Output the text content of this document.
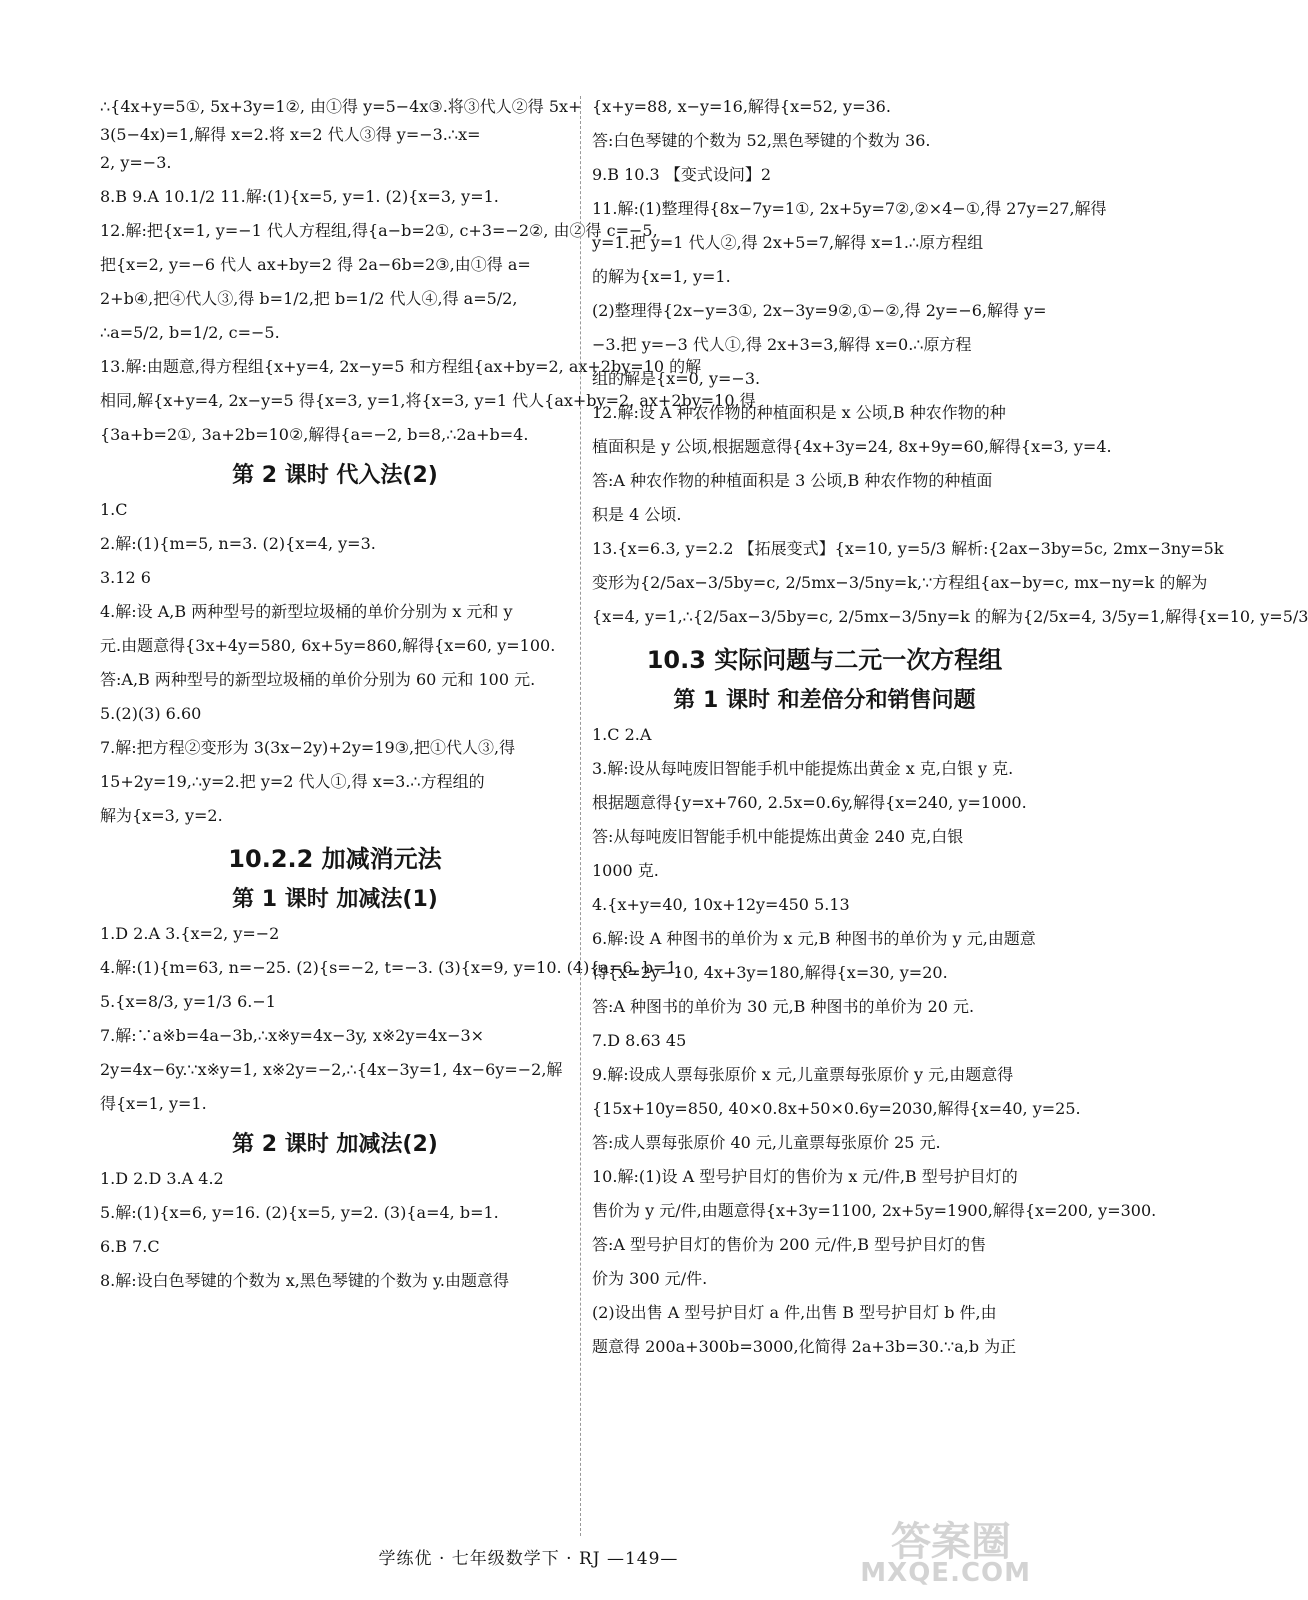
∴{4x+y=5①, 5x+3y=1②, 由①得 y=5−4x③.将③代人②得 5x+
3(5−4x)=1,解得 x=2.将 x=2 代人③得 y=−3.∴x=
2, y=−3.
8.B 9.A 10.1/2 11.解:(1){x=5, y=1. (2){x=3, y=1.
12.解:把{x=1, y=−1 代人方程组,得{a−b=2①, c+3=−2②, 由②得 c=−5,
把{x=2, y=−6 代人 ax+by=2 得 2a−6b=2③,由①得 a=
2+b④,把④代人③,得 b=1/2,把 b=1/2 代人④,得 a=5/2,
∴a=5/2, b=1/2, c=−5.
13.解:由题意,得方程组{x+y=4, 2x−y=5 和方程组{ax+by=2, ax+2by=10 的解
相同,解{x+y=4, 2x−y=5 得{x=3, y=1,将{x=3, y=1 代人{ax+by=2, ax+2by=10,得
{3a+b=2①, 3a+2b=10②,解得{a=−2, b=8,∴2a+b=4.
第 2 课时 代入法(2)
1.C
2.解:(1){m=5, n=3. (2){x=4, y=3.
3.12 6
4.解:设 A,B 两种型号的新型垃圾桶的单价分别为 x 元和 y
元.由题意得{3x+4y=580, 6x+5y=860,解得{x=60, y=100.
答:A,B 两种型号的新型垃圾桶的单价分别为 60 元和 100 元.
5.(2)(3) 6.60
7.解:把方程②变形为 3(3x−2y)+2y=19③,把①代人③,得
15+2y=19,∴y=2.把 y=2 代人①,得 x=3.∴方程组的
解为{x=3, y=2.
10.2.2 加减消元法
第 1 课时 加减法(1)
1.D 2.A 3.{x=2, y=−2
4.解:(1){m=63, n=−25. (2){s=−2, t=−3. (3){x=9, y=10. (4){a=6, b=1.
5.{x=8/3, y=1/3 6.−1
7.解:∵a※b=4a−3b,∴x※y=4x−3y, x※2y=4x−3×
2y=4x−6y.∵x※y=1, x※2y=−2,∴{4x−3y=1, 4x−6y=−2,解
得{x=1, y=1.
第 2 课时 加减法(2)
1.D 2.D 3.A 4.2
5.解:(1){x=6, y=16. (2){x=5, y=2. (3){a=4, b=1.
6.B 7.C
8.解:设白色琴键的个数为 x,黑色琴键的个数为 y.由题意得
{x+y=88, x−y=16,解得{x=52, y=36.
答:白色琴键的个数为 52,黑色琴键的个数为 36.
9.B 10.3 【变式设问】2
11.解:(1)整理得{8x−7y=1①, 2x+5y=7②,②×4−①,得 27y=27,解得
y=1.把 y=1 代人②,得 2x+5=7,解得 x=1.∴原方程组
的解为{x=1, y=1.
(2)整理得{2x−y=3①, 2x−3y=9②,①−②,得 2y=−6,解得 y=
−3.把 y=−3 代人①,得 2x+3=3,解得 x=0.∴原方程
组的解是{x=0, y=−3.
12.解:设 A 种农作物的种植面积是 x 公顷,B 种农作物的种
植面积是 y 公顷,根据题意得{4x+3y=24, 8x+9y=60,解得{x=3, y=4.
答:A 种农作物的种植面积是 3 公顷,B 种农作物的种植面
积是 4 公顷.
13.{x=6.3, y=2.2 【拓展变式】{x=10, y=5/3 解析:{2ax−3by=5c, 2mx−3ny=5k
变形为{2/5ax−3/5by=c, 2/5mx−3/5ny=k,∵方程组{ax−by=c, mx−ny=k 的解为
{x=4, y=1,∴{2/5ax−3/5by=c, 2/5mx−3/5ny=k 的解为{2/5x=4, 3/5y=1,解得{x=10, y=5/3
10.3 实际问题与二元一次方程组
第 1 课时 和差倍分和销售问题
1.C 2.A
3.解:设从每吨废旧智能手机中能提炼出黄金 x 克,白银 y 克.
根据题意得{y=x+760, 2.5x=0.6y,解得{x=240, y=1000.
答:从每吨废旧智能手机中能提炼出黄金 240 克,白银
1000 克.
4.{x+y=40, 10x+12y=450 5.13
6.解:设 A 种图书的单价为 x 元,B 种图书的单价为 y 元,由题意
得{x=2y−10, 4x+3y=180,解得{x=30, y=20.
答:A 种图书的单价为 30 元,B 种图书的单价为 20 元.
7.D 8.63 45
9.解:设成人票每张原价 x 元,儿童票每张原价 y 元,由题意得
{15x+10y=850, 40×0.8x+50×0.6y=2030,解得{x=40, y=25.
答:成人票每张原价 40 元,儿童票每张原价 25 元.
10.解:(1)设 A 型号护目灯的售价为 x 元/件,B 型号护目灯的
售价为 y 元/件,由题意得{x+3y=1100, 2x+5y=1900,解得{x=200, y=300.
答:A 型号护目灯的售价为 200 元/件,B 型号护目灯的售
价为 300 元/件.
(2)设出售 A 型号护目灯 a 件,出售 B 型号护目灯 b 件,由
题意得 200a+300b=3000,化简得 2a+3b=30.∵a,b 为正
学练优 · 七年级数学下 · RJ —149—	答案圈
MXQE.COM
